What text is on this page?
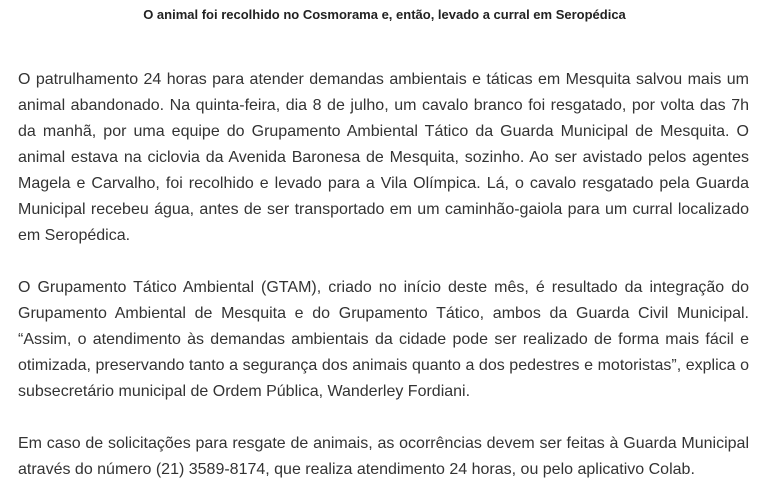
O animal foi recolhido no Cosmorama e, então, levado a curral em Seropédica

O patrulhamento 24 horas para atender demandas ambientais e táticas em Mesquita salvou mais um animal abandonado. Na quinta-feira, dia 8 de julho, um cavalo branco foi resgatado, por volta das 7h da manhã, por uma equipe do Grupamento Ambiental Tático da Guarda Municipal de Mesquita. O animal estava na ciclovia da Avenida Baronesa de Mesquita, sozinho. Ao ser avistado pelos agentes Magela e Carvalho, foi recolhido e levado para a Vila Olímpica. Lá, o cavalo resgatado pela Guarda Municipal recebeu água, antes de ser transportado em um caminhão-gaiola para um curral localizado em Seropédica.

O Grupamento Tático Ambiental (GTAM), criado no início deste mês, é resultado da integração do Grupamento Ambiental de Mesquita e do Grupamento Tático, ambos da Guarda Civil Municipal. “Assim, o atendimento às demandas ambientais da cidade pode ser realizado de forma mais fácil e otimizada, preservando tanto a segurança dos animais quanto a dos pedestres e motoristas”, explica o subsecretário municipal de Ordem Pública, Wanderley Fordiani.

Em caso de solicitações para resgate de animais, as ocorrências devem ser feitas à Guarda Municipal através do número (21) 3589-8174, que realiza atendimento 24 horas, ou pelo aplicativo Colab.
